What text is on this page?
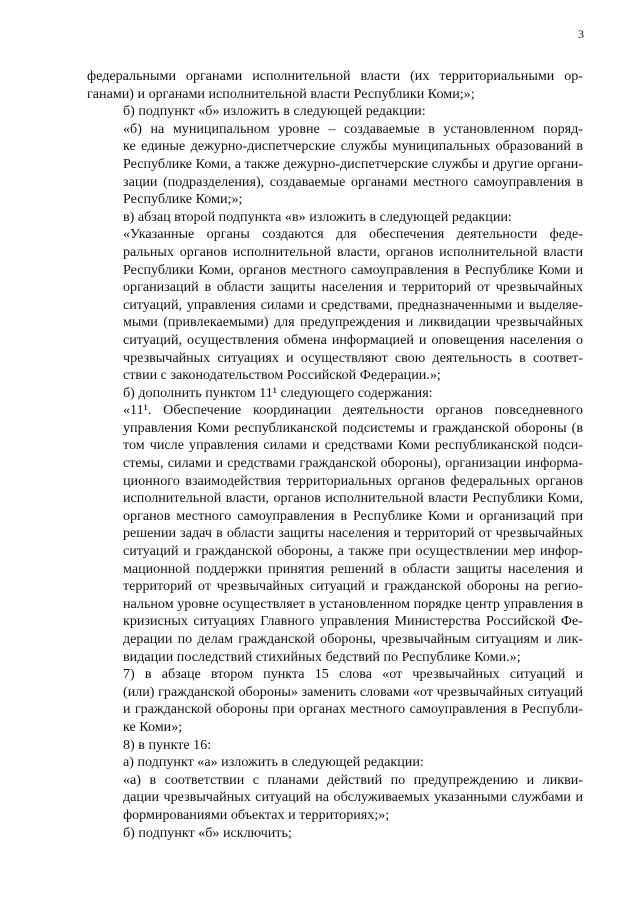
3

федеральными органами исполнительной власти (их территориальными ор-
ганами) и органами исполнительной власти Республики Коми;»;

б) подпункт «б» изложить в следующей редакции:

«б) на муниципальном уровне – создаваемые в установленном поряд-
ке единые дежурно-диспетчерские службы муниципальных образований в
Республике Коми, а также дежурно-диспетчерские службы и другие органи-
зации (подразделения), создаваемые органами местного самоуправления в
Республике Коми;»;

в) абзац второй подпункта «в» изложить в следующей редакции:

«Указанные органы создаются для обеспечения деятельности феде-
ральных органов исполнительной власти, органов исполнительной власти
Республики Коми, органов местного самоуправления в Республике Коми и
организаций в области защиты населения и территорий от чрезвычайных
ситуаций, управления силами и средствами, предназначенными и выделяе-
мыми (привлекаемыми) для предупреждения и ликвидации чрезвычайных
ситуаций, осуществления обмена информацией и оповещения населения о
чрезвычайных ситуациях и осуществляют свою деятельность в соответ-
ствии с законодательством Российской Федерации.»;

б) дополнить пунктом 11¹ следующего содержания:

«11¹. Обеспечение координации деятельности органов повседневного
управления Коми республиканской подсистемы и гражданской обороны (в
том числе управления силами и средствами Коми республиканской подси-
стемы, силами и средствами гражданской обороны), организации информа-
ционного взаимодействия территориальных органов федеральных органов
исполнительной власти, органов исполнительной власти Республики Коми,
органов местного самоуправления в Республике Коми и организаций при
решении задач в области защиты населения и территорий от чрезвычайных
ситуаций и гражданской обороны, а также при осуществлении мер инфор-
мационной поддержки принятия решений в области защиты населения и
территорий от чрезвычайных ситуаций и гражданской обороны на регио-
нальном уровне осуществляет в установленном порядке центр управления в
кризисных ситуациях Главного управления Министерства Российской Фе-
дерации по делам гражданской обороны, чрезвычайным ситуациям и лик-
видации последствий стихийных бедствий по Республике Коми.»;

7) в абзаце втором пункта 15 слова «от чрезвычайных ситуаций и
(или) гражданской обороны» заменить словами «от чрезвычайных ситуаций
и гражданской обороны при органах местного самоуправления в Республи-
ке Коми»;

8) в пункте 16:

а) подпункт «а» изложить в следующей редакции:

«а) в соответствии с планами действий по предупреждению и ликви-
дации чрезвычайных ситуаций на обслуживаемых указанными службами и
формированиями объектах и территориях;»;

б) подпункт «б» исключить;
